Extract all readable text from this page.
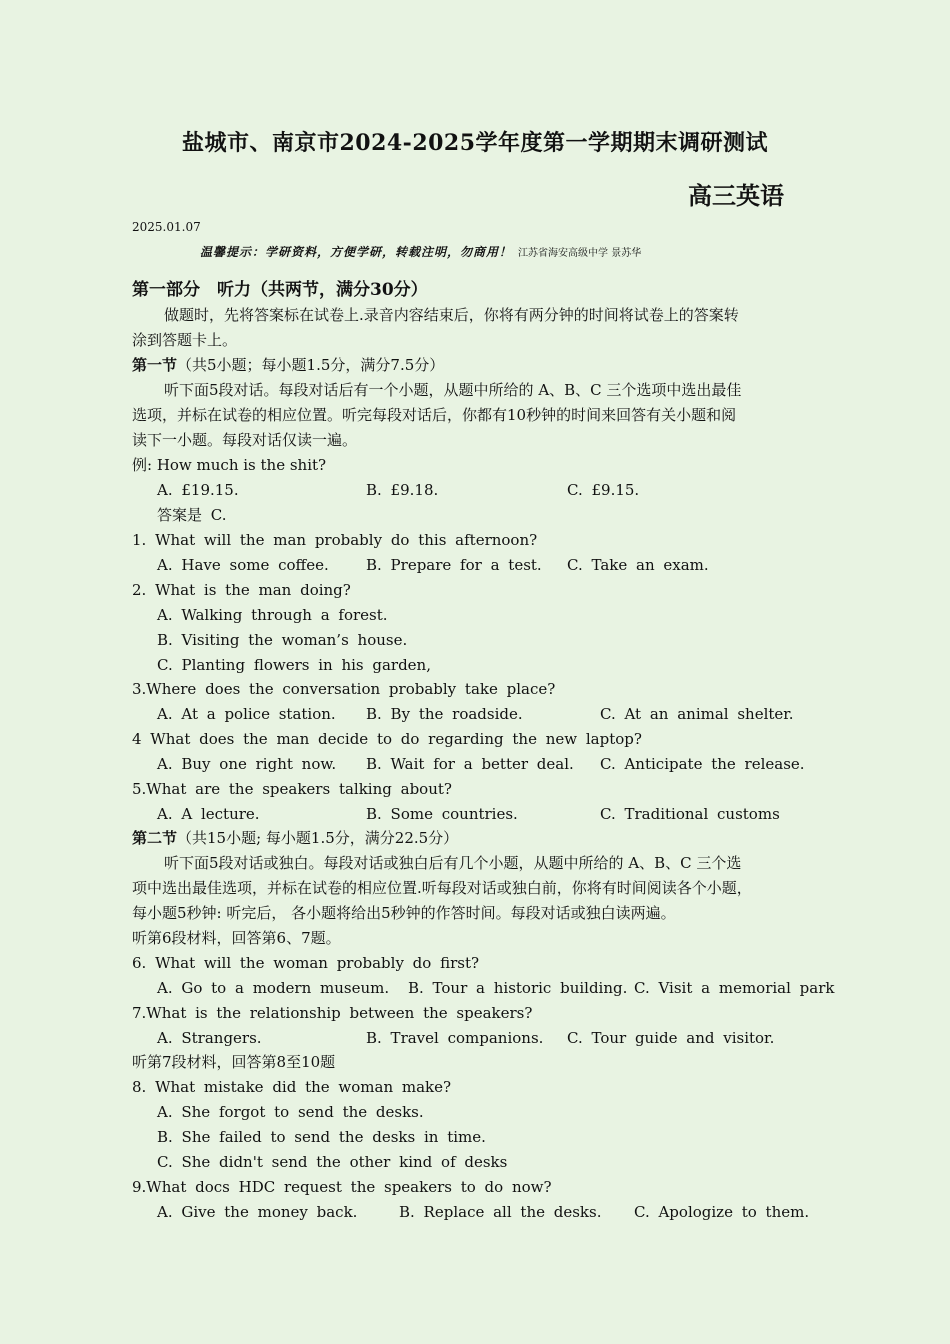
盐城市、南京市2024-2025学年度第一学期期末调研测试
高三英语
2025.01.07
温馨提示：学研资料，方便学研，转载注明，勿商用！ 江苏省海安高级中学 景苏华
第一部分　听力（共两节，满分30分）
做题时，先将答案标在试卷上.录音内容结束后，你将有两分钟的时间将试卷上的答案转
涂到答题卡上。
第一节（共5小题；每小题1.5分，满分7.5分）
听下面5段对话。每段对话后有一个小题，从题中所给的 A、B、C 三个选项中选出最佳
选项，并标在试卷的相应位置。听完每段对话后，你都有10秒钟的时间来回答有关小题和阅
读下一小题。每段对话仅读一遍。
例: How much is the shit?
A. £19.15.	B. £9.18.	C. £9.15.
答案是 C.
1. What will the man probably do this afternoon?
A. Have some coffee. B. Prepare for a test. C. Take an exam.
2. What is the man doing?
A. Walking through a forest.
B. Visiting the woman’s house.
C. Planting flowers in his garden,
3.Where does the conversation probably take place?
A. At a police station. B. By the roadside.	C. At an animal shelter.
4 What does the man decide to do regarding the new laptop?
A. Buy one right now. B. Wait for a better deal. C. Anticipate the release.
5.What are the speakers talking about?
A. A lecture.	B. Some countries.	C. Traditional customs
第二节（共15小题; 每小题1.5分，满分22.5分）
听下面5段对话或独白。每段对话或独白后有几个小题，从题中所给的 A、B、C 三个选
项中选出最佳选项，并标在试卷的相应位置.听每段对话或独白前，你将有时间阅读各个小题，
每小题5秒钟: 听完后， 各小题将给出5秒钟的作答时间。每段对话或独白读两遍。
听第6段材料，回答第6、7题。
6. What will the woman probably do first?
A. Go to a modern museum. B. Tour a historic building. C. Visit a memorial park
7.What is the relationship between the speakers?
A. Strangers.	B. Travel companions. C. Tour guide and visitor.
听第7段材料，回答第8至10题
8. What mistake did the woman make?
A. She forgot to send the desks.
B. She failed to send the desks in time.
C. She didn't send the other kind of desks
9.What docs HDC request the speakers to do now?
A. Give the money back.	B. Replace all the desks. C. Apologize to them.
